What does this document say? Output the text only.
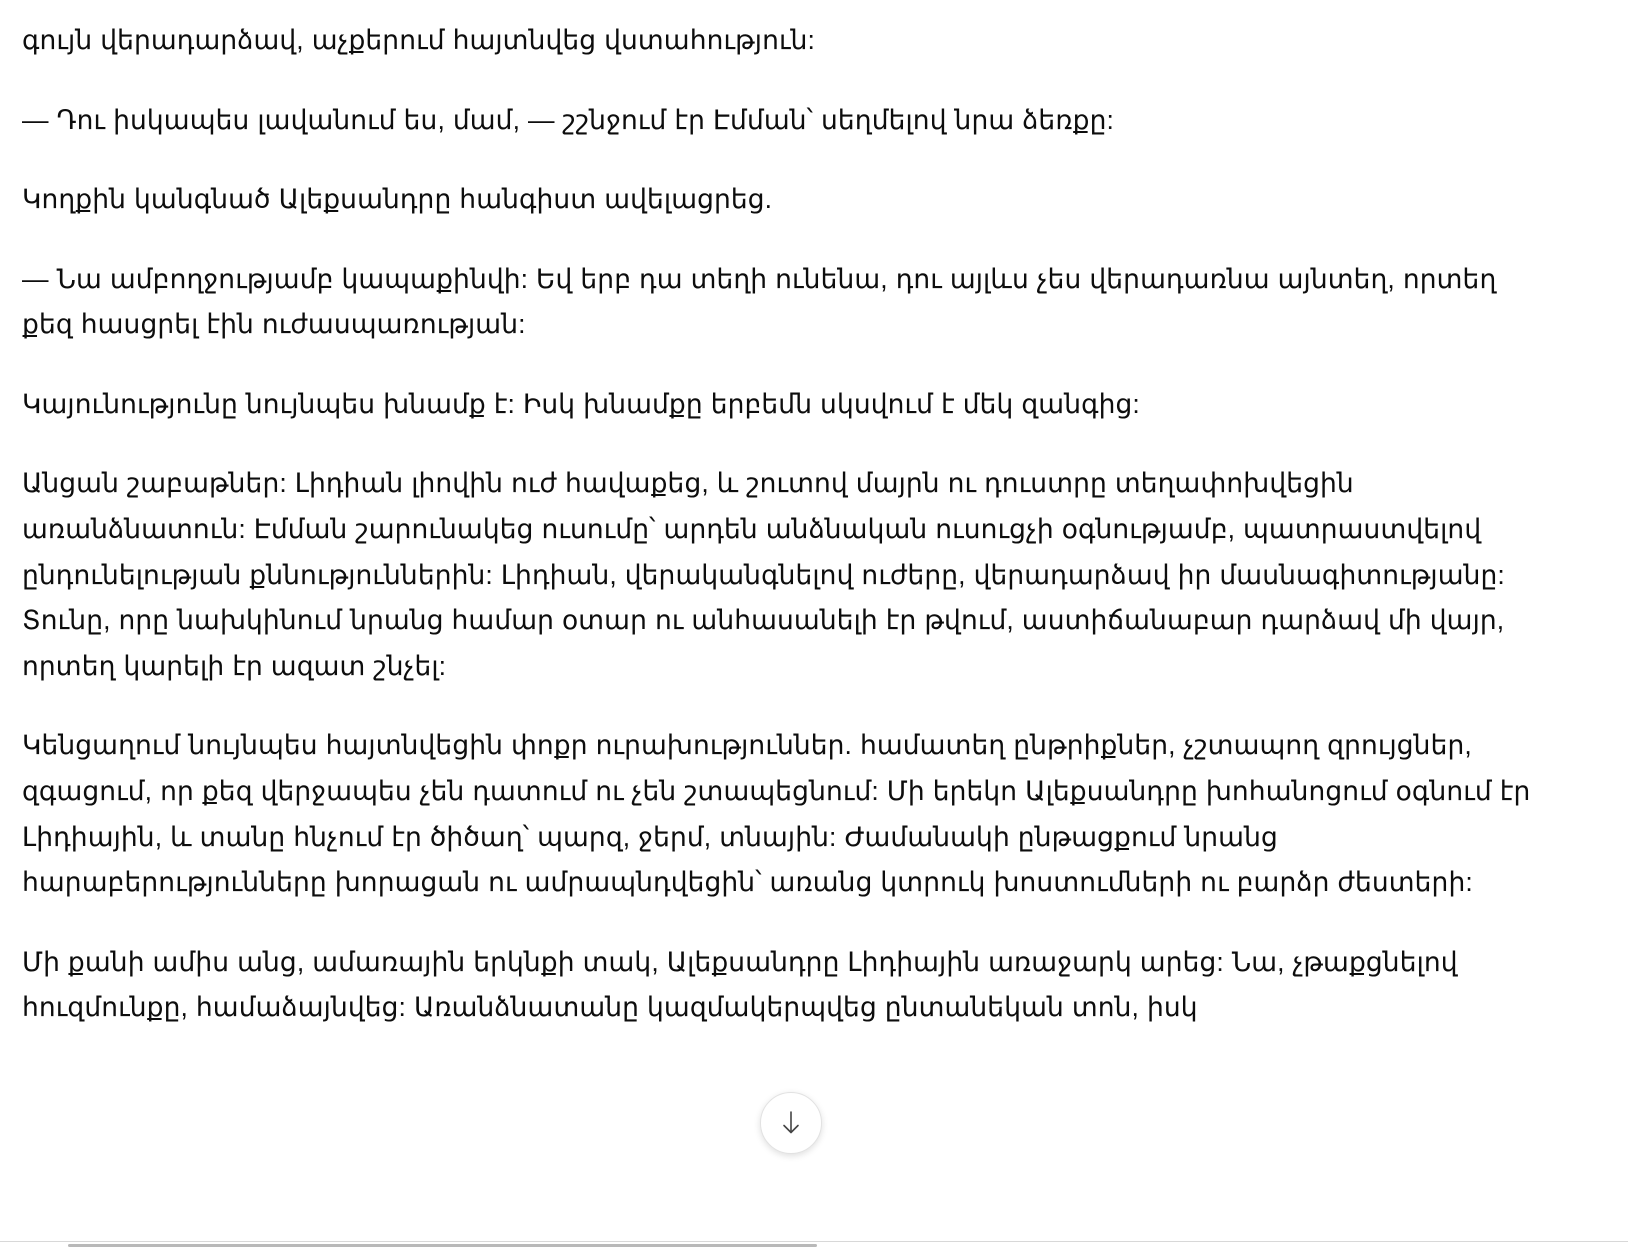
գույն վերադարձավ, աչքերում հայտնվեց վստահություն:

— Դու իսկապես լավանում ես, մամ, — շշնջում էր Էմման՝ սեղմելով նրա ձեռքը:

Կողքին կանգնած Ալեքսանդրը հանգիստ ավելացրեց.

— Նա ամբողջությամբ կապաքինվի: Եվ երբ դա տեղի ունենա, դու այլևս չես վերադառնա այնտեղ, որտեղ քեզ հասցրել էին ուժասպառության:

Կայունությունը նույնպես խնամք է: Իսկ խնամքը երբեմն սկսվում է մեկ զանգից:

Անցան շաբաթներ: Լիդիան լիովին ուժ հավաքեց, և շուտով մայրն ու դուստրը տեղափոխվեցին առանձնատուն: Էմման շարունակեց ուսումը՝ արդեն անձնական ուսուցչի օգնությամբ, պատրաստվելով ընդունելության քննություններին: Լիդիան, վերականգնելով ուժերը, վերադարձավ իր մասնագիտությանը: Տունը, որը նախկինում նրանց համար օտար ու անհասանելի էր թվում, աստիճանաբար դարձավ մի վայր, որտեղ կարելի էր ազատ շնչել:

Կենցաղում նույնպես հայտնվեցին փոքր ուրախություններ. համատեղ ընթրիքներ, չշտապող զրույցներ, զգացում, որ քեզ վերջապես չեն դատում ու չեն շտապեցնում: Մի երեկո Ալեքսանդրը խոհանոցում օգնում էր Լիդիային, և տանը հնչում էր ծիծաղ՝ պարզ, ջերմ, տնային: Ժամանակի ընթացքում նրանց հարաբերությունները խորացան ու ամրապնդվեցին՝ առանց կտրուկ խոստումների ու բարձր ժեստերի:

Մի քանի ամիս անց, ամառային երկնքի տակ, Ալեքսանդրը Լիդիային առաջարկ արեց: Նա, չթաքցնելով հուզմունքը, համաձայնվեց: Առանձնատանը կազմակերպվեց ընտանեկան տոն, իսկ
